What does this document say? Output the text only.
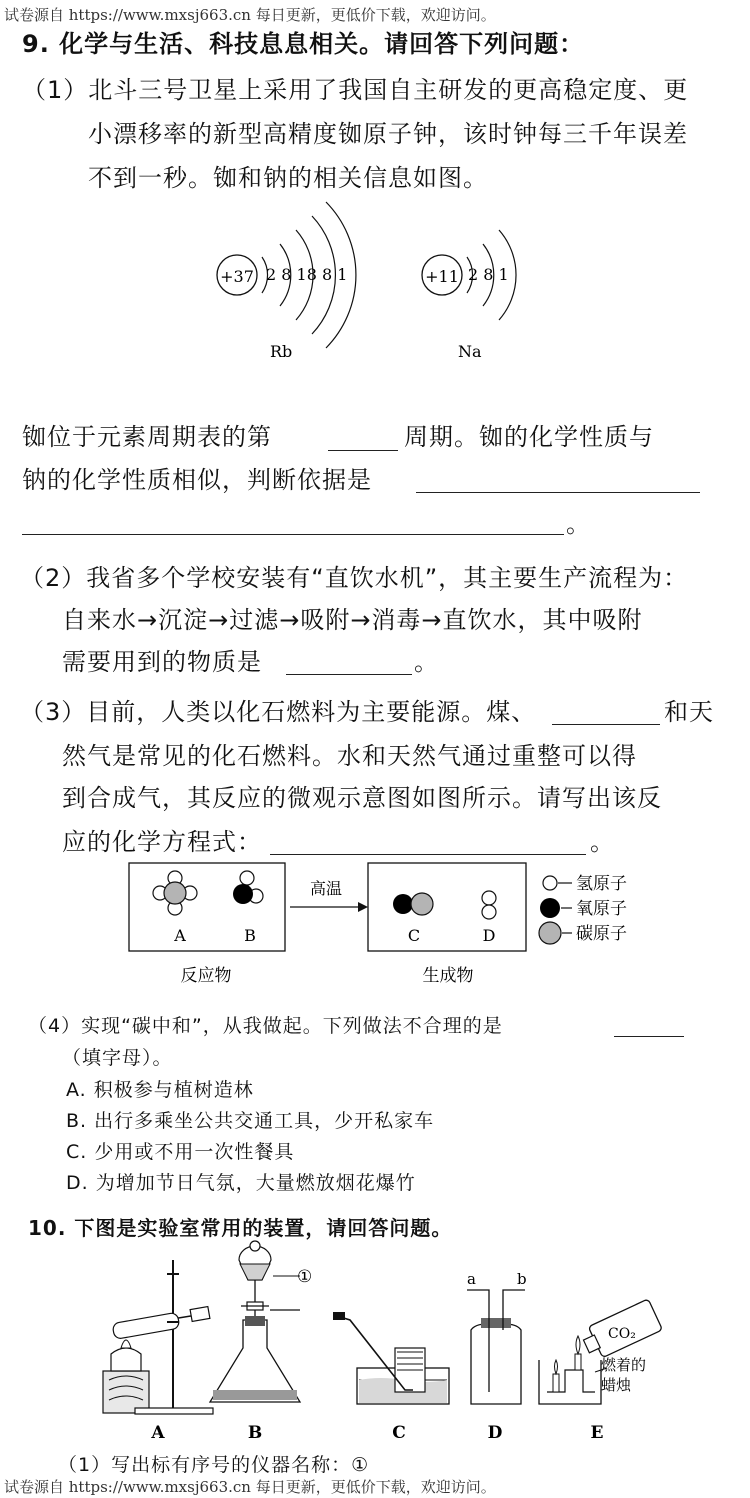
试卷源自 https://www.mxsj663.cn 每日更新，更低价下载，欢迎访问。
9. 化学与生活、科技息息相关。请回答下列问题：
（1）北斗三号卫星上采用了我国自主研发的更高稳定度、更
小漂移率的新型高精度铷原子钟，该时钟每三千年误差
不到一秒。铷和钠的相关信息如图。
+37 2 8 18 8 1
Rb
+11 2 8 1
Na
铷位于元素周期表的第	周期。铷的化学性质与
钠的化学性质相似，判断依据是
。
（2）我省多个学校安装有“直饮水机”，其主要生产流程为：
自来水→沉淀→过滤→吸附→消毒→直饮水，其中吸附
需要用到的物质是	。
（3）目前，人类以化石燃料为主要能源。煤、	和天
然气是常见的化石燃料。水和天然气通过重整可以得
到合成气，其反应的微观示意图如图所示。请写出该反
应的化学方程式：	。
A	B
反应物
高温
C	D
生成物
氢原子
氧原子
碳原子
（4）实现“碳中和”，从我做起。下列做法不合理的是
（填字母）。
A. 积极参与植树造林
B. 出行多乘坐公共交通工具，少开私家车
C. 少用或不用一次性餐具
D. 为增加节日气氛，大量燃放烟花爆竹
10. 下图是实验室常用的装置，请回答问题。
A	B
①
C
a	b
D
CO₂
燃着的
蜡烛
E
（1）写出标有序号的仪器名称：①
试卷源自 https://www.mxsj663.cn 每日更新，更低价下载，欢迎访问。
